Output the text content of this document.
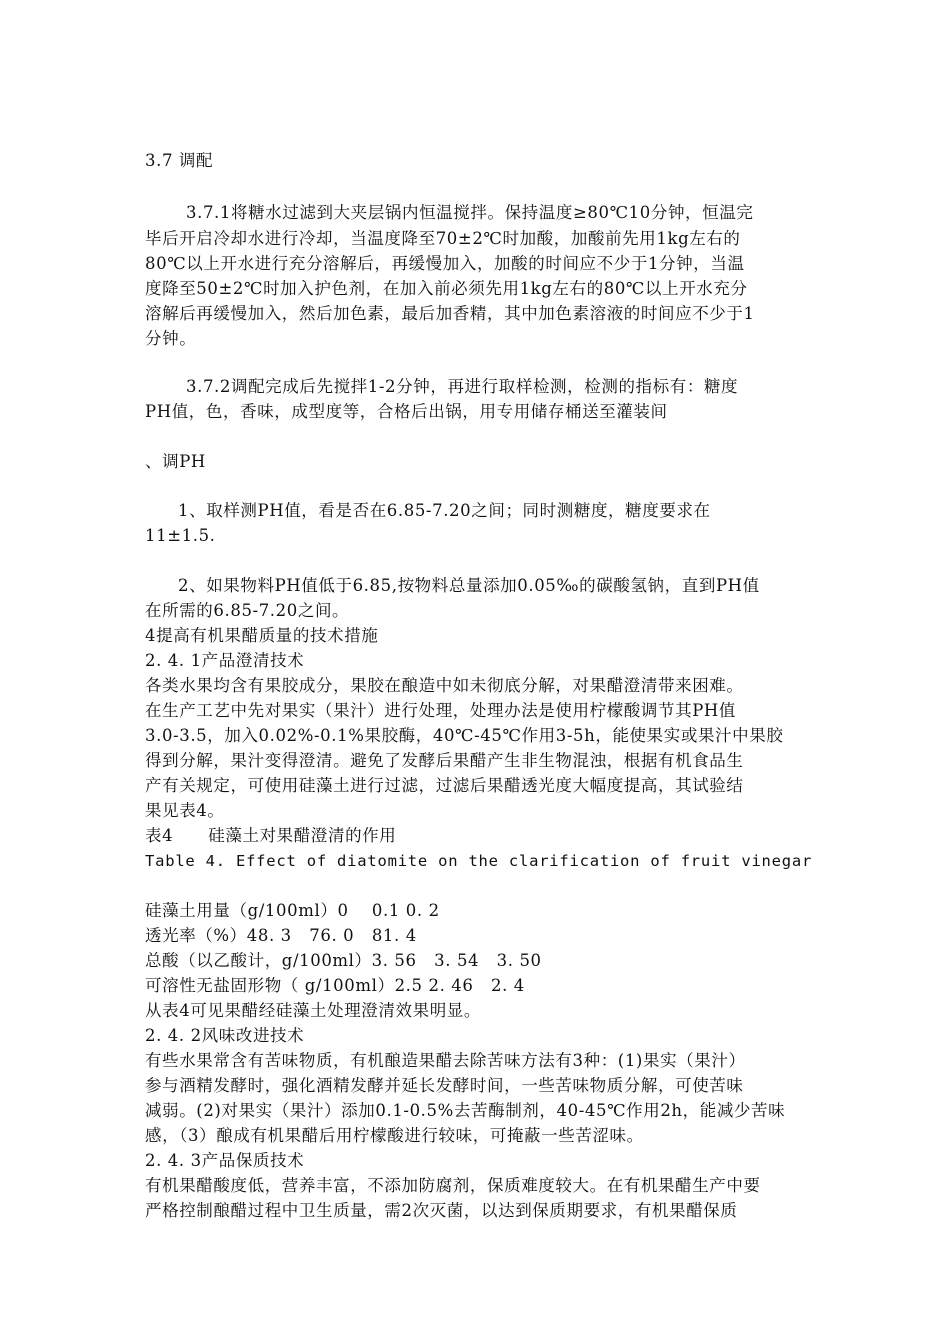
3.7 调配
3.7.1将糖水过滤到大夹层锅内恒温搅拌。保持温度≥80℃10分钟，恒温完
毕后开启冷却水进行冷却，当温度降至70±2℃时加酸，加酸前先用1kg左右的
80℃以上开水进行充分溶解后，再缓慢加入，加酸的时间应不少于1分钟，当温
度降至50±2℃时加入护色剂，在加入前必须先用1kg左右的80℃以上开水充分
溶解后再缓慢加入，然后加色素，最后加香精，其中加色素溶液的时间应不少于1
分钟。
3.7.2调配完成后先搅拌1-2分钟，再进行取样检测，检测的指标有：糖度
PH值，色，香味，成型度等，合格后出锅，用专用储存桶送至灌装间
、调PH
1、取样测PH值，看是否在6.85-7.20之间；同时测糖度，糖度要求在
11±1.5.
2、如果物料PH值低于6.85,按物料总量添加0.05‰的碳酸氢钠，直到PH值
在所需的6.85-7.20之间。
4提高有机果醋质量的技术措施
2. 4. 1产品澄清技术
各类水果均含有果胶成分，果胶在酿造中如未彻底分解，对果醋澄清带来困难。
在生产工艺中先对果实（果汁）进行处理，处理办法是使用柠檬酸调节其PH值
3.0-3.5，加入0.02%-0.1%果胶酶，40℃-45℃作用3-5h，能使果实或果汁中果胶
得到分解，果汁变得澄清。避免了发酵后果醋产生非生物混浊，根据有机食品生
产有关规定，可使用硅藻土进行过滤，过滤后果醋透光度大幅度提高，其试验结
果见表4。
表4      硅藻土对果醋澄清的作用
Table 4. Effect of diatomite on the clarification of fruit vinegar
硅藻土用量（g/100ml）0    0.1 0. 2
透光率（%）48. 3   76. 0   81. 4
总酸（以乙酸计，g/100ml）3. 56   3. 54   3. 50
可溶性无盐固形物（ g/100ml）2.5 2. 46   2. 4
从表4可见果醋经硅藻土处理澄清效果明显。
2. 4. 2风味改进技术
有些水果常含有苦味物质，有机酿造果醋去除苦味方法有3种：(1)果实（果汁）
参与酒精发酵时，强化酒精发酵并延长发酵时间，一些苦味物质分解，可使苦味
减弱。(2)对果实（果汁）添加0.1-0.5%去苦酶制剂，40-45℃作用2h，能减少苦味
感，（3）酿成有机果醋后用柠檬酸进行较味，可掩蔽一些苦涩味。
2. 4. 3产品保质技术
有机果醋酸度低，营养丰富，不添加防腐剂，保质难度较大。在有机果醋生产中要
严格控制酿醋过程中卫生质量，需2次灭菌，以达到保质期要求，有机果醋保质
